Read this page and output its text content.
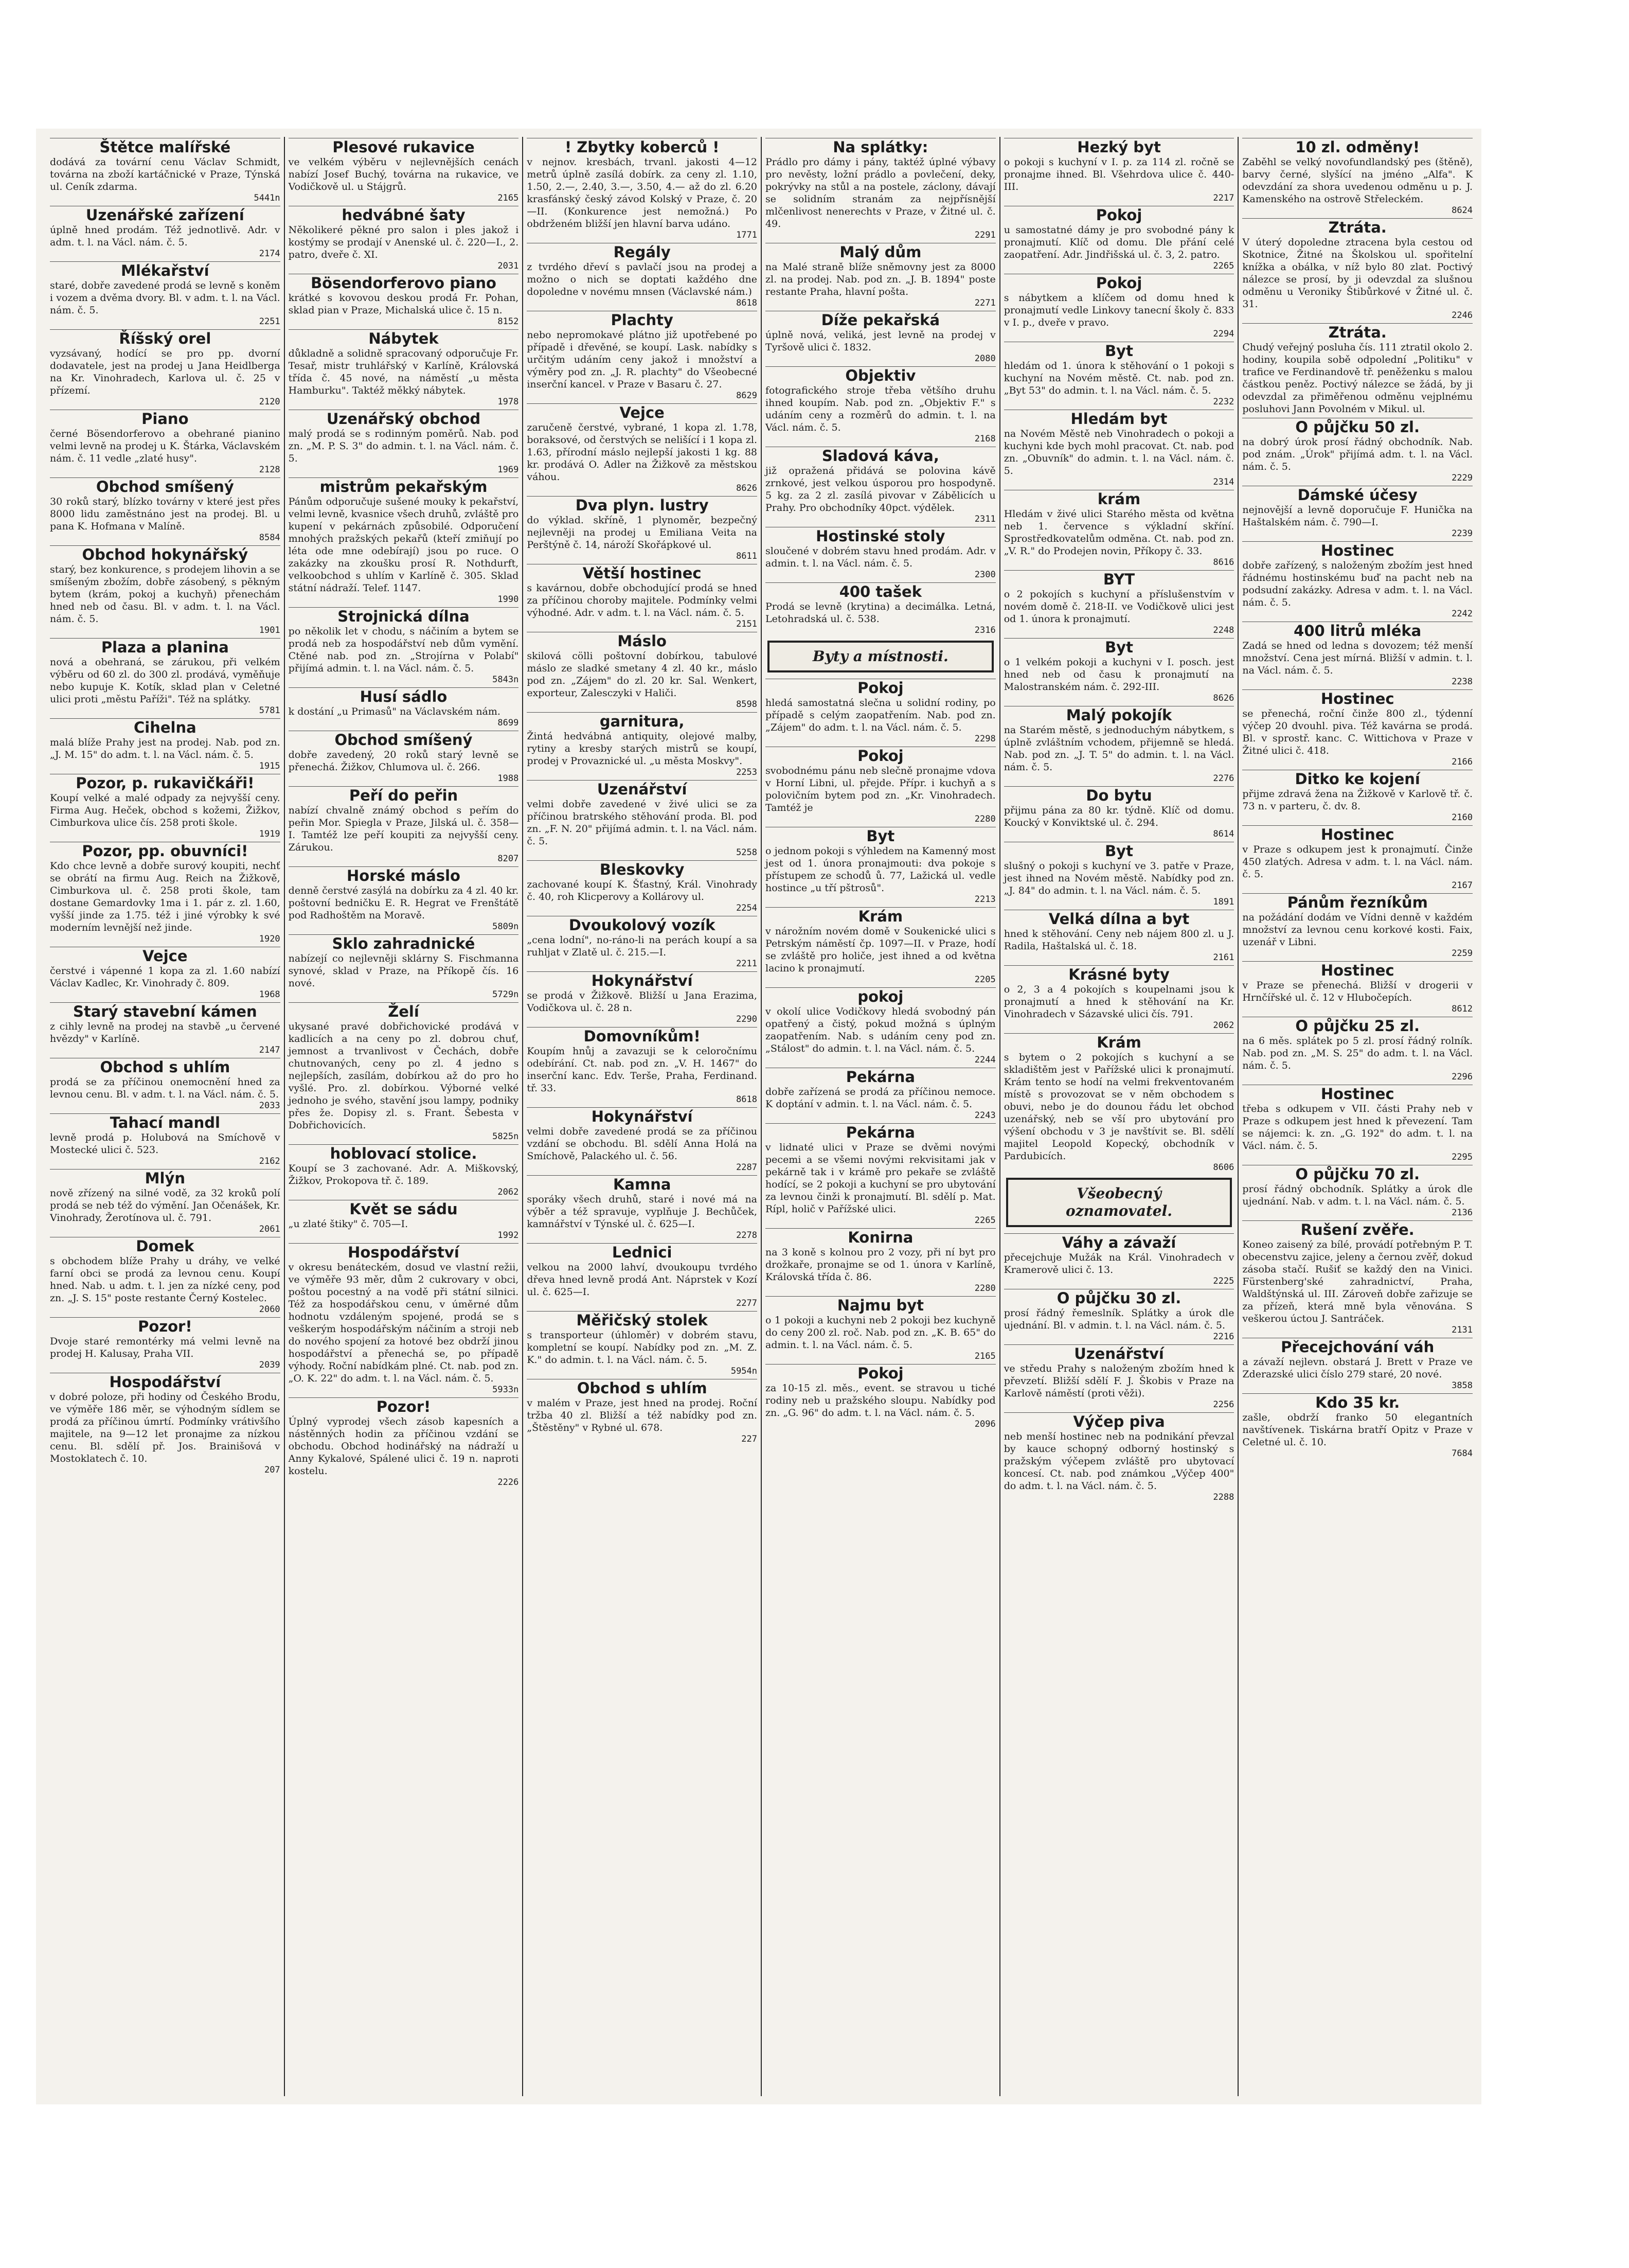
Štětce malířské
dodává za tovární cenu Václav Schmidt, továrna na zboží kartáčnické v Praze, Týnská ul. Ceník zdarma.
5441n
Uzenářské zařízení
úplně hned prodám. Též jednotlivě. Adr. v adm. t. l. na Václ. nám. č. 5.
2174
Mlékařství
staré, dobře zavedené prodá se levně s koněm i vozem a dvěma dvory. Bl. v adm. t. l. na Václ. nám. č. 5.
2251
Říšský orel
vyzsávaný, hodící se pro pp. dvorní dodavatele, jest na prodej u Jana Heidlberga na Kr. Vinohradech, Karlova ul. č. 25 v přízemí.
2120
Piano
černé Bösendorferovo a obehrané pianino velmi levně na prodej u K. Štárka, Václavském nám. č. 11 vedle „zlaté husy".
2128
Obchod smíšený
30 roků starý, blízko továrny v které jest přes 8000 lidu zaměstnáno jest na prodej. Bl. u pana K. Hofmana v Malíně.
8584
Obchod hokynářský
starý, bez konkurence, s prodejem lihovin a se smíšeným zbožím, dobře zásobený, s pěkným bytem (krám, pokoj a kuchyň) přenechám hned neb od času. Bl. v adm. t. l. na Václ. nám. č. 5.
1901
Plaza a planina
nová a obehraná, se zárukou, při velkém výběru od 60 zl. do 300 zl. prodává, vyměňuje nebo kupuje K. Kotík, sklad plan v Celetné ulici proti „městu Paříži". Též na splátky.
5781
Cihelna
malá blíže Prahy jest na prodej. Nab. pod zn. „J. M. 15" do adm. t. l. na Václ. nám. č. 5.
1915
Pozor, p. rukavičkáři!
Koupí velké a malé odpady za nejvyšší ceny. Firma Aug. Heček, obchod s kožemi, Žižkov, Cimburkova ulice čís. 258 proti škole.
1919
Pozor, pp. obuvníci!
Kdo chce levně a dobře surový koupiti, nechť se obrátí na firmu Aug. Reich na Žižkově, Cimburkova ul. č. 258 proti škole, tam dostane Gemardovky 1ma i 1. pár z. zl. 1.60, vyšší jinde za 1.75. též i jiné výrobky k své moderním levnější než jinde.
1920
Vejce
čerstvé i vápenné 1 kopa za zl. 1.60 nabízí Václav Kadlec, Kr. Vinohrady č. 809.
1968
Starý stavební kámen
z cihly levně na prodej na stavbě „u červené hvězdy" v Karlíně.
2147
Obchod s uhlím
prodá se za příčinou onemocnění hned za levnou cenu. Bl. v adm. t. l. na Václ. nám. č. 5.
2033
Tahací mandl
levně prodá p. Holubová na Smíchově v Mostecké ulici č. 523.
2162
Mlýn
nově zřízený na silné vodě, za 32 kroků polí prodá se neb též do výmění. Jan Očenášek, Kr. Vinohrady, Žerotínova ul. č. 791.
2061
Domek
s obchodem blíže Prahy u dráhy, ve velké farní obci se prodá za levnou cenu. Koupí hned. Nab. u adm. t. l. jen za nízké ceny, pod zn. „J. S. 15" poste restante Černý Kostelec.
2060
Pozor!
Dvoje staré remontérky má velmi levně na prodej H. Kalusay, Praha VII.
2039
Hospodářství
v dobré poloze, při hodiny od Českého Brodu, ve výměře 186 měr, se výhodným sídlem se prodá za příčinou úmrtí. Podmínky vrátivšího majitele, na 9—12 let pronajme za nízkou cenu. Bl. sdělí př. Jos. Brainišová v Mostoklatech č. 10.
207
Plesové rukavice
ve velkém výběru v nejlevnějších cenách nabízí Josef Buchý, továrna na rukavice, ve Vodičkově ul. u Stájgrů.
2165
hedvábné šaty
Několikeré pěkné pro salon i ples jakož i kostýmy se prodají v Anenské ul. č. 220—I., 2. patro, dveře č. XI.
2031
Bösendorferovo piano
krátké s kovovou deskou prodá Fr. Pohan, sklad pian v Praze, Michalská ulice č. 15 n.
8152
Nábytek
důkladně a solidně spracovaný odporučuje Fr. Tesař, mistr truhlářský v Karlíně, Královská třída č. 45 nové, na náměstí „u města Hamburku". Taktéž měkký nábytek.
1978
Uzenářský obchod
malý prodá se s rodinným poměrů. Nab. pod zn. „M. P. S. 3" do admin. t. l. na Václ. nám. č. 5.
1969
mistrům pekařským
Pánům odporučuje sušené mouky k pekařství, velmi levně, kvasnice všech druhů, zvláště pro kupení v pekárnách způsobilé. Odporučení mnohých pražských pekařů (kteří zmiňují po léta ode mne odebírají) jsou po ruce. O zakázky na zkoušku prosí R. Nothdurft, velkoobchod s uhlím v Karlíně č. 305. Sklad státní nádraží. Telef. 1147.
1990
Strojnická dílna
po několik let v chodu, s náčiním a bytem se prodá neb za hospodářství neb dům vymění. Ctěné nab. pod zn. „Strojírna v Polabí" přijímá admin. t. l. na Václ. nám. č. 5.
5843n
Husí sádlo
k dostání „u Primasů" na Václavském nám.
8699
Obchod smíšený
dobře zavedený, 20 roků starý levně se přenechá. Žižkov, Chlumova ul. č. 266.
1988
Peří do peřin
nabízí chvalně známý obchod s peřím do peřin Mor. Spiegla v Praze, Jilská ul. č. 358—I. Tamtéž lze peří koupiti za nejvyšší ceny. Zárukou.
8207
Horské máslo
denně čerstvé zasýlá na dobírku za 4 zl. 40 kr. poštovní bedničku E. R. Hegrat ve Frenštátě pod Radhoštěm na Moravě.
5809n
Sklo zahradnické
nabízejí co nejlevněji sklárny S. Fischmanna synové, sklad v Praze, na Příkopě čís. 16 nové.
5729n
Želí
ukysané pravé dobřichovické prodává v kadlicích a na ceny po zl. dobrou chuť, jemnost a trvanlivost v Čechách, dobře chutnovaných, ceny po zl. 4 jedno s nejlepších, zasílám, dobírkou až do pro ho vyšlé. Pro. zl. dobírkou. Výborné velké jednoho je svého, stavění jsou lampy, podniky přes že. Dopisy zl. s. Frant. Šebesta v Dobřichovicích.
5825n
hoblovací stolice.
Koupí se 3 zachované. Adr. A. Miškovský, Žižkov, Prokopova tř. č. 189.
2062
Květ se sádu
„u zlaté štiky" č. 705—I.
1992
Hospodářství
v okresu benáteckém, dosud ve vlastní režii, ve výměře 93 měr, dům 2 cukrovary v obci, poštou pocestný a na vodě při státní silnici. Též za hospodářskou cenu, v úměrné dům hodnotu vzdáleným spojené, prodá se s veškerým hospodářským náčiním a stroji neb do nového spojení za hotové bez obdrží jinou hospodářství a přenechá se, po případě výhody. Roční nabídkám plné. Ct. nab. pod zn. „O. K. 22" do adm. t. l. na Václ. nám. č. 5.
5933n
Pozor!
Úplný vyprodej všech zásob kapesních a nástěnných hodin za příčinou vzdání se obchodu. Obchod hodinářský na nádraží u Anny Kykalové, Spálené ulici č. 19 n. naproti kostelu.
2226
! Zbytky koberců !
v nejnov. kresbách, trvanl. jakosti 4—12 metrů úplně zasílá dobírk. za ceny zl. 1.10, 1.50, 2.—, 2.40, 3.—, 3.50, 4.— až do zl. 6.20 krasfánský český závod Kolský v Praze, č. 20—II. (Konkurence jest nemožná.) Po obdrženém bližší jen hlavní barva udáno.
1771
Regály
z tvrdého dřeví s pavlačí jsou na prodej a možno o nich se doptati každého dne dopoledne v novému mnsen (Václavské nám.)
8618
Plachty
nebo nepromokavé plátno již upotřebené po případě i dřevěné, se koupí. Lask. nabídky s určitým udáním ceny jakož i množství a výměry pod zn. „J. R. plachty" do Všeobecné inserční kancel. v Praze v Basaru č. 27.
8629
Vejce
zaručeně čerstvé, vybrané, 1 kopa zl. 1.78, boraksové, od čerstvých se nelišící i 1 kopa zl. 1.63, přírodní máslo nejlepší jakosti 1 kg. 88 kr. prodává O. Adler na Žižkově za městskou váhou.
8626
Dva plyn. lustry
do výklad. skříně, 1 plynoměr, bezpečný nejlevněji na prodej u Emiliana Veita na Perštýně č. 14, nároží Skořápkové ul.
8611
Větší hostinec
s kavárnou, dobře obchodující prodá se hned za příčinou choroby majitele. Podmínky velmi výhodné. Adr. v adm. t. l. na Václ. nám. č. 5.
2151
Máslo
skilová cölli poštovní dobírkou, tabulové máslo ze sladké smetany 4 zl. 40 kr., máslo pod zn. „Zájem" do zl. 20 kr. Sal. Wenkert, exporteur, Zalesczyki v Haliči.
8598
garnitura,
Žintá hedvábná antiquity, olejové malby, rytiny a kresby starých mistrů se koupí, prodej v Provaznické ul. „u města Moskvy".
2253
Uzenářství
velmi dobře zavedené v živé ulici se za příčinou bratrského stěhování proda. Bl. pod zn. „F. N. 20" přijímá admin. t. l. na Václ. nám. č. 5.
5258
Bleskovky
zachované koupí K. Šťastný, Král. Vinohrady č. 40, roh Klicperovy a Kollárovy ul.
2254
Dvoukolový vozík
„cena lodní", no-ráno-li na perách koupí a sa ruhljat v Zlatě ul. č. 215.—I.
2211
Hokynářství
se prodá v Žižkově. Bližší u Jana Erazima, Vodičkova ul. č. 28 n.
2290
Domovníkům!
Koupím hnůj a zavazuji se k celoročnímu odebírání. Ct. nab. pod zn. „V. H. 1467" do inserční kanc. Edv. Terše, Praha, Ferdinand. tř. 33.
8618
Hokynářství
velmi dobře zavedené prodá se za příčinou vzdání se obchodu. Bl. sdělí Anna Holá na Smíchově, Palackého ul. č. 56.
2287
Kamna
sporáky všech druhů, staré i nové má na výběr a též spravuje, vyplňuje J. Bechůček, kamnářství v Týnské ul. č. 625—I.
2278
Lednici
velkou na 2000 lahví, dvoukoupu tvrdého dřeva hned levně prodá Ant. Náprstek v Kozí ul. č. 625—I.
2277
Měřičský stolek
s transporteur (úhloměr) v dobrém stavu, kompletní se koupí. Nabídky pod zn. „M. Z. K." do admin. t. l. na Václ. nám. č. 5.
5954n
Obchod s uhlím
v malém v Praze, jest hned na prodej. Roční tržba 40 zl. Bližší a též nabídky pod zn. „Štěstěny" v Rybné ul. 678.
227
Na splátky:
Prádlo pro dámy i pány, taktéž úplné výbavy pro nevěsty, ložní prádlo a povlečení, deky, pokrývky na stůl a na postele, záclony, dávají se solidním stranám za nejpřísnější mlčenlivost nenerechts v Praze, v Žitné ul. č. 49.
2291
Malý dům
na Malé straně blíže sněmovny jest za 8000 zl. na prodej. Nab. pod zn. „J. B. 1894" poste restante Praha, hlavní pošta.
2271
Díže pekařská
úplně nová, veliká, jest levně na prodej v Tyršově ulici č. 1832.
2080
Objektiv
fotografického stroje třeba většího druhu ihned koupím. Nab. pod zn. „Objektiv F." s udáním ceny a rozměrů do admin. t. l. na Václ. nám. č. 5.
2168
Sladová káva,
již opražená přidává se polovina kávě zrnkové, jest velkou úsporou pro hospodyně. 5 kg. za 2 zl. zasílá pivovar v Zábělicích u Prahy. Pro obchodníky 40pct. výdělek.
2311
Hostinské stoly
sloučené v dobrém stavu hned prodám. Adr. v admin. t. l. na Václ. nám. č. 5.
2300
400 tašek
Prodá se levně (krytina) a decimálka. Letná, Letohradská ul. č. 538.
2316
Byty a místnosti.
Pokoj
hledá samostatná slečna u solidní rodiny, po případě s celým zaopatřením. Nab. pod zn. „Zájem" do adm. t. l. na Václ. nám. č. 5.
2298
Pokoj
svobodnému pánu neb slečně pronajme vdova v Horní Libni, ul. přejde. Přípr. i kuchyň a s polovičním bytem pod zn. „Kr. Vinohradech. Tamtéž je
2280
Byt
o jednom pokoji s výhledem na Kamenný most jest od 1. února pronajmouti: dva pokoje s přístupem ze schodů ů. 77, Lažická ul. vedle hostince „u tří pštrosů".
2213
Krám
v nárožním novém domě v Soukenické ulici s Petrským náměstí čp. 1097—II. v Praze, hodí se zvláště pro holiče, jest ihned a od května lacino k pronajmutí.
2205
pokoj
v okolí ulice Vodičkovy hledá svobodný pán opatřený a čistý, pokud možná s úplným zaopatřením. Nab. s udáním ceny pod zn. „Stálost" do admin. t. l. na Václ. nám. č. 5.
2244
Pekárna
dobře zařízená se prodá za příčinou nemoce. K doptání v admin. t. l. na Václ. nám. č. 5.
2243
Pekárna
v lidnaté ulici v Praze se dvěmi novými pecemi a se všemi novými rekvisitami jak v pekárně tak i v krámě pro pekaře se zvláště hodící, se 2 pokoji a kuchyní se pro ubytování za levnou činži k pronajmutí. Bl. sdělí p. Mat. Rípl, holič v Pařížské ulici.
2265
Konirna
na 3 koně s kolnou pro 2 vozy, při ní byt pro drožkaře, pronajme se od 1. února v Karlíně, Královská třída č. 86.
2280
Najmu byt
o 1 pokoji a kuchyni neb 2 pokoji bez kuchyně do ceny 200 zl. roč. Nab. pod zn. „K. B. 65" do admin. t. l. na Václ. nám. č. 5.
2165
Pokoj
za 10-15 zl. měs., event. se stravou u tiché rodiny neb u pražského sloupu. Nabídky pod zn. „G. 96" do adm. t. l. na Václ. nám. č. 5.
2096
Hezký byt
o pokoji s kuchyní v I. p. za 114 zl. ročně se pronajme ihned. Bl. Všehrdova ulice č. 440-III.
2217
Pokoj
u samostatné dámy je pro svobodné pány k pronajmutí. Klíč od domu. Dle přání celé zaopatření. Adr. Jindřišská ul. č. 3, 2. patro.
2265
Pokoj
s nábytkem a klíčem od domu hned k pronajmutí vedle Linkovy tanecní školy č. 833 v I. p., dveře v pravo.
2294
Byt
hledám od 1. února k stěhování o 1 pokoji s kuchyní na Novém městě. Ct. nab. pod zn. „Byt 53" do admin. t. l. na Václ. nám. č. 5.
2232
Hledám byt
na Novém Městě neb Vinohradech o pokoji a kuchyni kde bych mohl pracovat. Ct. nab. pod zn. „Obuvník" do admin. t. l. na Václ. nám. č. 5.
2314
krám
Hledám v živé ulici Starého města od května neb 1. července s výkladní skříní. Sprostředkovatelům odměna. Ct. nab. pod zn. „V. R." do Prodejen novin, Příkopy č. 33.
8616
BYT
o 2 pokojích s kuchyní a příslušenstvím v novém domě č. 218-II. ve Vodičkově ulici jest od 1. února k pronajmutí.
2248
Byt
o 1 velkém pokoji a kuchyni v I. posch. jest hned neb od času k pronajmutí na Malostranském nám. č. 292-III.
8626
Malý pokojík
na Starém městě, s jednoduchým nábytkem, s úplně zvláštním vchodem, přijemně se hledá. Nab. pod zn. „J. T. 5" do admin. t. l. na Václ. nám. č. 5.
2276
Do bytu
přijmu pána za 80 kr. týdně. Klíč od domu. Koucký v Konviktské ul. č. 294.
8614
Byt
slušný o pokoji s kuchyní ve 3. patře v Praze, jest ihned na Novém městě. Nabídky pod zn. „J. 84" do admin. t. l. na Václ. nám. č. 5.
1891
Velká dílna a byt
hned k stěhování. Ceny neb nájem 800 zl. u J. Radila, Haštalská ul. č. 18.
2161
Krásné byty
o 2, 3 a 4 pokojích s koupelnami jsou k pronajmutí a hned k stěhování na Kr. Vinohradech v Sázavské ulici čís. 791.
2062
Krám
s bytem o 2 pokojích s kuchyní a se skladištěm jest v Pařížské ulici k pronajmutí. Krám tento se hodí na velmi frekventovaném místě s provozovat se v něm obchodem s obuvi, nebo je do dounou řádu let obchod uzenářský, neb se vší pro ubytování pro výšení obchodu v 3 je navštívit se. Bl. sdělí majitel Leopold Kopecký, obchodník v Pardubicích.
8606
Všeobecný
oznamovatel.
Váhy a závaží
přecejchuje Mužák na Král. Vinohradech v Kramerově ulici č. 13.
2225
O půjčku 30 zl.
prosí řádný řemeslník. Splátky a úrok dle ujednání. Bl. v admin. t. l. na Václ. nám. č. 5.
2216
Uzenářství
ve středu Prahy s naloženým zbožím hned k převzetí. Bližší sdělí F. J. Škobis v Praze na Karlově náměstí (proti věži).
2256
Výčep piva
neb menší hostinec neb na podnikání převzal by kauce schopný odborný hostinský s pražským výčepem zvláště pro ubytovací koncesí. Ct. nab. pod známkou „Výčep 400" do adm. t. l. na Václ. nám. č. 5.
2288
10 zl. odměny!
Zaběhl se velký novofundlandský pes (štěně), barvy černé, slyšící na jméno „Alfa". K odevzdání za shora uvedenou odměnu u p. J. Kamenského na ostrově Střeleckém.
8624
Ztráta.
V úterý dopoledne ztracena byla cestou od Skotnice, Žitné na Školskou ul. spořitelní knížka a obálka, v níž bylo 80 zlat. Poctivý nálezce se prosí, by ji odevzdal za slušnou odměnu u Veroniky Štibůrkové v Žitné ul. č. 31.
2246
Ztráta.
Chudý veřejný posluha čís. 111 ztratil okolo 2. hodiny, koupila sobě odpolední „Politiku" v trafice ve Ferdinandově tř. peněženku s malou částkou peněz. Poctivý nálezce se žádá, by ji odevzdal za přiměřenou odměnu vejplnému posluhovi Jann Povolném v Mikul. ul.
O půjčku 50 zl.
na dobrý úrok prosí řádný obchodník. Nab. pod znám. „Úrok" přijímá adm. t. l. na Václ. nám. č. 5.
2229
Dámské účesy
nejnovější a levně doporučuje F. Hunička na Haštalském nám. č. 790—I.
2239
Hostinec
dobře zařízený, s naloženým zbožím jest hned řádnému hostinskému buď na pacht neb na podsudní zakázky. Adresa v adm. t. l. na Václ. nám. č. 5.
2242
400 litrů mléka
Zadá se hned od ledna s dovozem; též menší množství. Cena jest mírná. Bližší v admin. t. l. na Václ. nám. č. 5.
2238
Hostinec
se přenechá, roční činže 800 zl., týdenní výčep 20 dvouhl. piva. Též kavárna se prodá. Bl. v sprostř. kanc. C. Wittichova v Praze v Žitné ulici č. 418.
2166
Ditko ke kojení
přijme zdravá žena na Žižkově v Karlově tř. č. 73 n. v parteru, č. dv. 8.
2160
Hostinec
v Praze s odkupem jest k pronajmutí. Činže 450 zlatých. Adresa v adm. t. l. na Václ. nám. č. 5.
2167
Pánům řezníkům
na požádání dodám ve Vídni denně v každém množství za levnou cenu korkové kosti. Faix, uzenář v Libni.
2259
Hostinec
v Praze se přenechá. Bližší v drogerii v Hrnčířské ul. č. 12 v Hlubočepích.
8612
O půjčku 25 zl.
na 6 měs. splátek po 5 zl. prosí řádný rolník. Nab. pod zn. „M. S. 25" do adm. t. l. na Václ. nám. č. 5.
2296
Hostinec
třeba s odkupem v VII. části Prahy neb v Praze s odkupem jest hned k převezení. Tam se nájemci: k. zn. „G. 192" do adm. t. l. na Václ. nám. č. 5.
2295
O půjčku 70 zl.
prosí řádný obchodník. Splátky a úrok dle ujednání. Nab. v adm. t. l. na Václ. nám. č. 5.
2136
Rušení zvěře.
Koneo zaisený za bílé, provádí potřebným P. T. obecenstvu zajice, jeleny a černou zvěř, dokud zásoba stačí. Rušiť se každý den na Vinici. Fürstenberg'ské zahradnictví, Praha, Waldštýnská ul. III. Zároveň dobře zařizuje se za přízeň, která mně byla věnována. S veškerou úctou J. Santráček.
2131
Přecejchování váh
a závaží nejlevn. obstará J. Brett v Praze ve Zderazské ulici číslo 279 staré, 20 nové.
3858
Kdo 35 kr.
zašle, obdrží franko 50 elegantních navštívenek. Tiskárna bratří Opitz v Praze v Celetné ul. č. 10.
7684
